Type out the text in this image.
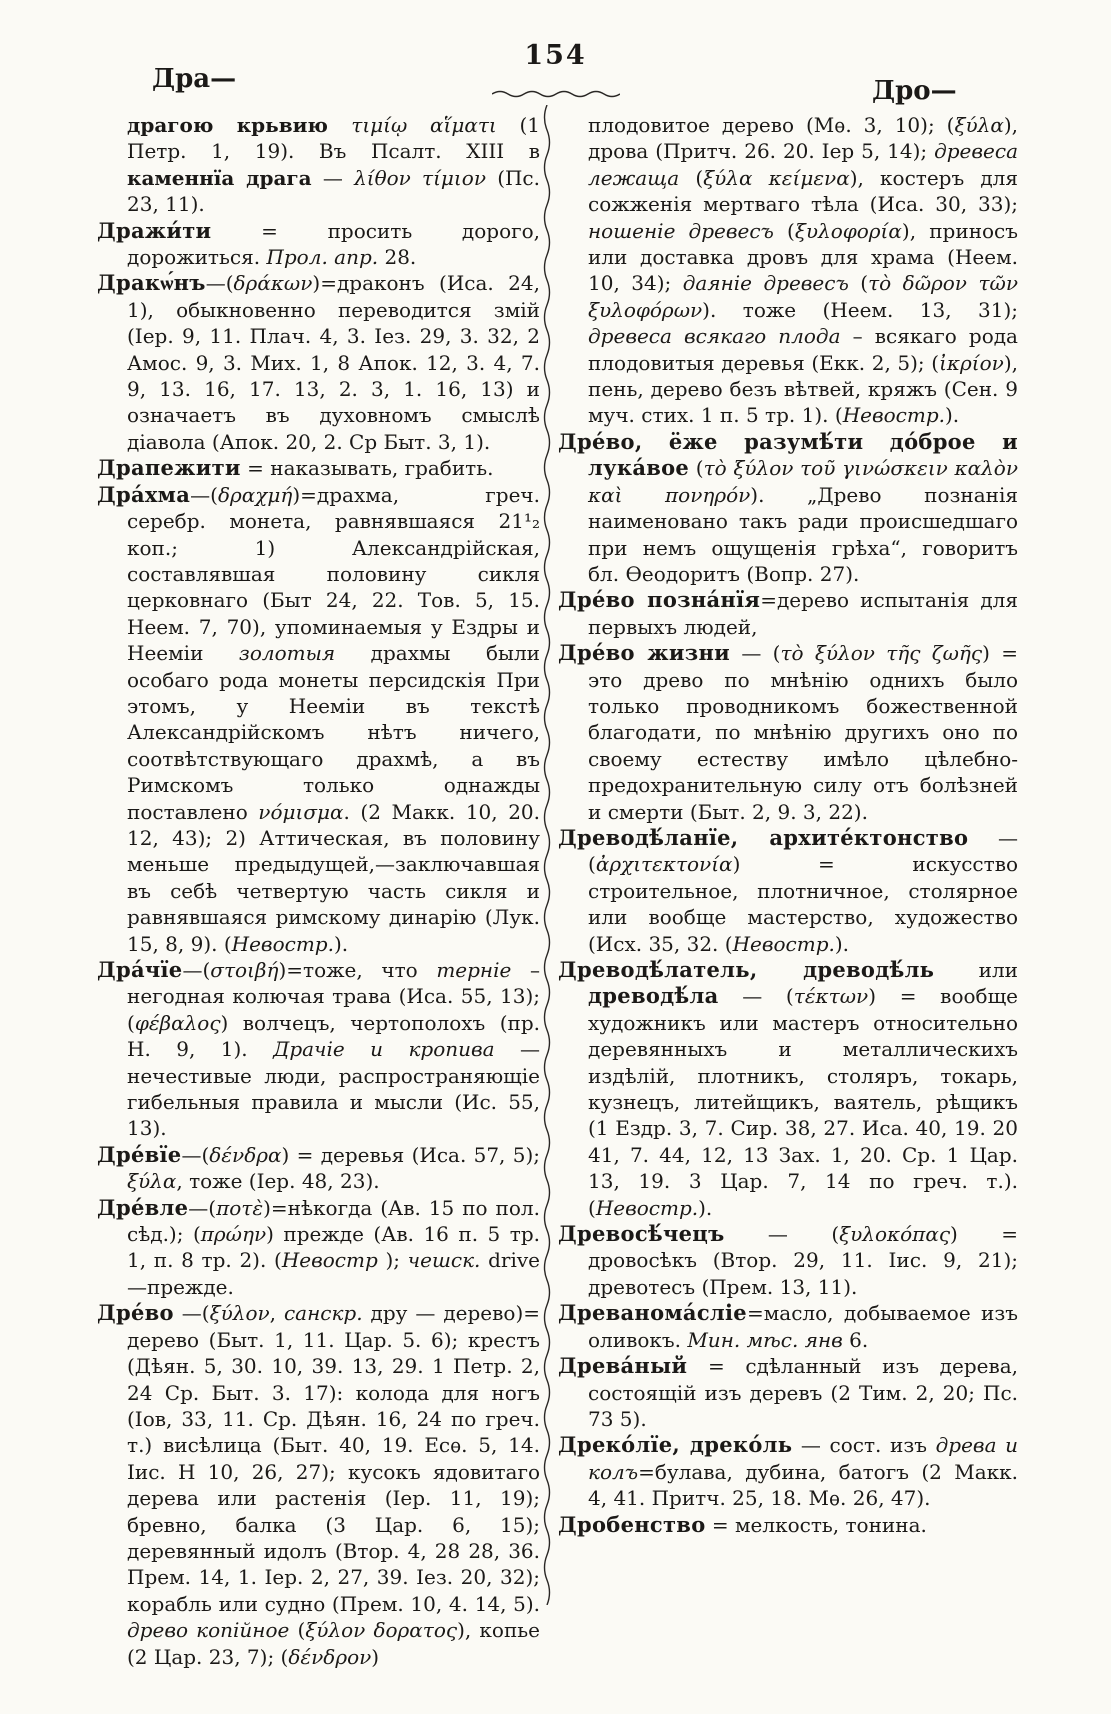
154
Дра—	Дро—

драгою крьвию τιμίῳ αἵματι (1 Петр. 1, 19). Въ Псалт. XIII в каменнїа драга — λίθον τίμιον (Пс. 23, 11).

Дражи́ти = просить дорого, дорожиться. Прол. апр. 28.

Дракѡ́нъ—(δράκων)=драконъ (Иса. 24, 1), обыкновенно переводится змій (Іер. 9, 11. Плач. 4, 3. Іез. 29, 3. 32, 2 Амос. 9, 3. Мих. 1, 8 Апок. 12, 3. 4, 7. 9, 13. 16, 17. 13, 2. 3, 1. 16, 13) и означаетъ въ духовномъ смыслѣ діавола (Апок. 20, 2. Ср Быт. 3, 1).

Драпежити = наказывать, грабить.

Дра́хма—(δραχμή)=драхма, греч. серебр. монета, равнявшаяся 21¹₂ коп.; 1) Александрійская, составлявшая половину сикля церковнаго (Быт 24, 22. Тов. 5, 15. Неем. 7, 70), упоминаемыя у Ездры и Нееміи золотыя драхмы были особаго рода монеты персидскія При этомъ, у Нееміи въ текстѣ Александрійскомъ нѣтъ ничего, соотвѣтствующаго драхмѣ, а въ Римскомъ только однажды поставлено νόμισμα. (2 Макк. 10, 20. 12, 43); 2) Аттическая, въ половину меньше предыдущей,—заключавшая въ себѣ четвертую часть сикля и равнявшаяся римскому динарію (Лук. 15, 8, 9). (Невостр.).

Дра́чїе—(στοιβή)=тоже, что терніе – негодная колючая трава (Иса. 55, 13); (φέβαλος) волчецъ, чертополохъ (пр. Н. 9, 1). Драчіе и кропива — нечестивые люди, распространяющіе гибельныя правила и мысли (Ис. 55, 13).

Дре́вїе—(δένδρα) = деревья (Иса. 57, 5); ξύλα, тоже (Іер. 48, 23).

Дре́вле—(ποτὲ)=нѣкогда (Ав. 15 по пол. сѣд.); (πρώην) прежде (Ав. 16 п. 5 тр. 1, п. 8 тр. 2). (Невостр ); чешск. drive—прежде.

Дре́во —(ξύλον, санскр. дру — дерево)= дерево (Быт. 1, 11. Цар. 5. 6); крестъ (Дѣян. 5, 30. 10, 39. 13, 29. 1 Петр. 2, 24 Ср. Быт. 3. 17): колода для ногъ (Іов, 33, 11. Ср. Дѣян. 16, 24 по греч. т.) висѣлица (Быт. 40, 19. Есѳ. 5, 14. Іис. Н 10, 26, 27); кусокъ ядовитаго дерева или растенія (Іер. 11, 19); бревно, балка (3 Цар. 6, 15); деревянный идолъ (Втор. 4, 28 28, 36. Прем. 14, 1. Іер. 2, 27, 39. Іез. 20, 32); корабль или судно (Прем. 10, 4. 14, 5). древо копійное (ξύλον δορατος), копье (2 Цар. 23, 7); (δένδρον)

плодовитое дерево (Мѳ. 3, 10); (ξύλα), дрова (Притч. 26. 20. Іер 5, 14); древеса лежаща (ξύλα κείμενα), костеръ для сожженія мертваго тѣла (Иса. 30, 33); ношеніе древесъ (ξυλοφορία), приносъ или доставка дровъ для храма (Неем. 10, 34); даяніе древесъ (τὸ δῶρον τῶν ξυλοφόρων). тоже (Неем. 13, 31); древеса всякаго плода – всякаго рода плодовитыя деревья (Екк. 2, 5); (ἰκρίον), пень, дерево безъ вѣтвей, кряжъ (Сен. 9 муч. стих. 1 п. 5 тр. 1). (Невостр.).

Дре́во, ёже разумѣ́ти до́брое и лука́вое (τὸ ξύλον τοῦ γινώσκειν καλὸν καὶ πονηρόν). „Древо познанія наименовано такъ ради происшедшаго при немъ ощущенія грѣха“, говоритъ бл. Ѳеодоритъ (Вопр. 27).

Дре́во позна́нїя=дерево испытанія для первыхъ людей,

Дре́во жизни — (τὸ ξύλον τῆς ζωῆς) = это древо по мнѣнію однихъ было только проводникомъ божественной благодати, по мнѣнію другихъ оно по своему естеству имѣло цѣлебно-предохранительную силу отъ болѣзней и смерти (Быт. 2, 9. 3, 22).

Древодѣ́ланїе, архите́ктонство — (ἀρχιτεκτονία) = искусство строительное, плотничное, столярное или вообще мастерство, художество (Исх. 35, 32. (Невостр.).

Древодѣ́латель, древодѣ́ль или древодѣ́ла — (τέκτων) = вообще художникъ или мастеръ относительно деревянныхъ и металлическихъ издѣлій, плотникъ, столяръ, токарь, кузнецъ, литейщикъ, ваятель, рѣщикъ (1 Ездр. 3, 7. Сир. 38, 27. Иса. 40, 19. 20 41, 7. 44, 12, 13 Зах. 1, 20. Ср. 1 Цар. 13, 19. 3 Цар. 7, 14 по греч. т.). (Невостр.).

Древосѣ́чецъ — (ξυλοκόπας) = дровосѣкъ (Втор. 29, 11. Іис. 9, 21); древотесъ (Прем. 13, 11).

Древанома́сліе=масло, добываемое изъ оливокъ. Мин. мѣс. янв 6.

Древа́ный = сдѣланный изъ дерева, состоящій изъ деревъ (2 Тим. 2, 20; Пс. 73 5).

Дреко́лїе, дреко́ль — сост. изъ древа и колъ=булава, дубина, батогъ (2 Макк. 4, 41. Притч. 25, 18. Мѳ. 26, 47).

Дробенство = мелкость, тонина.
